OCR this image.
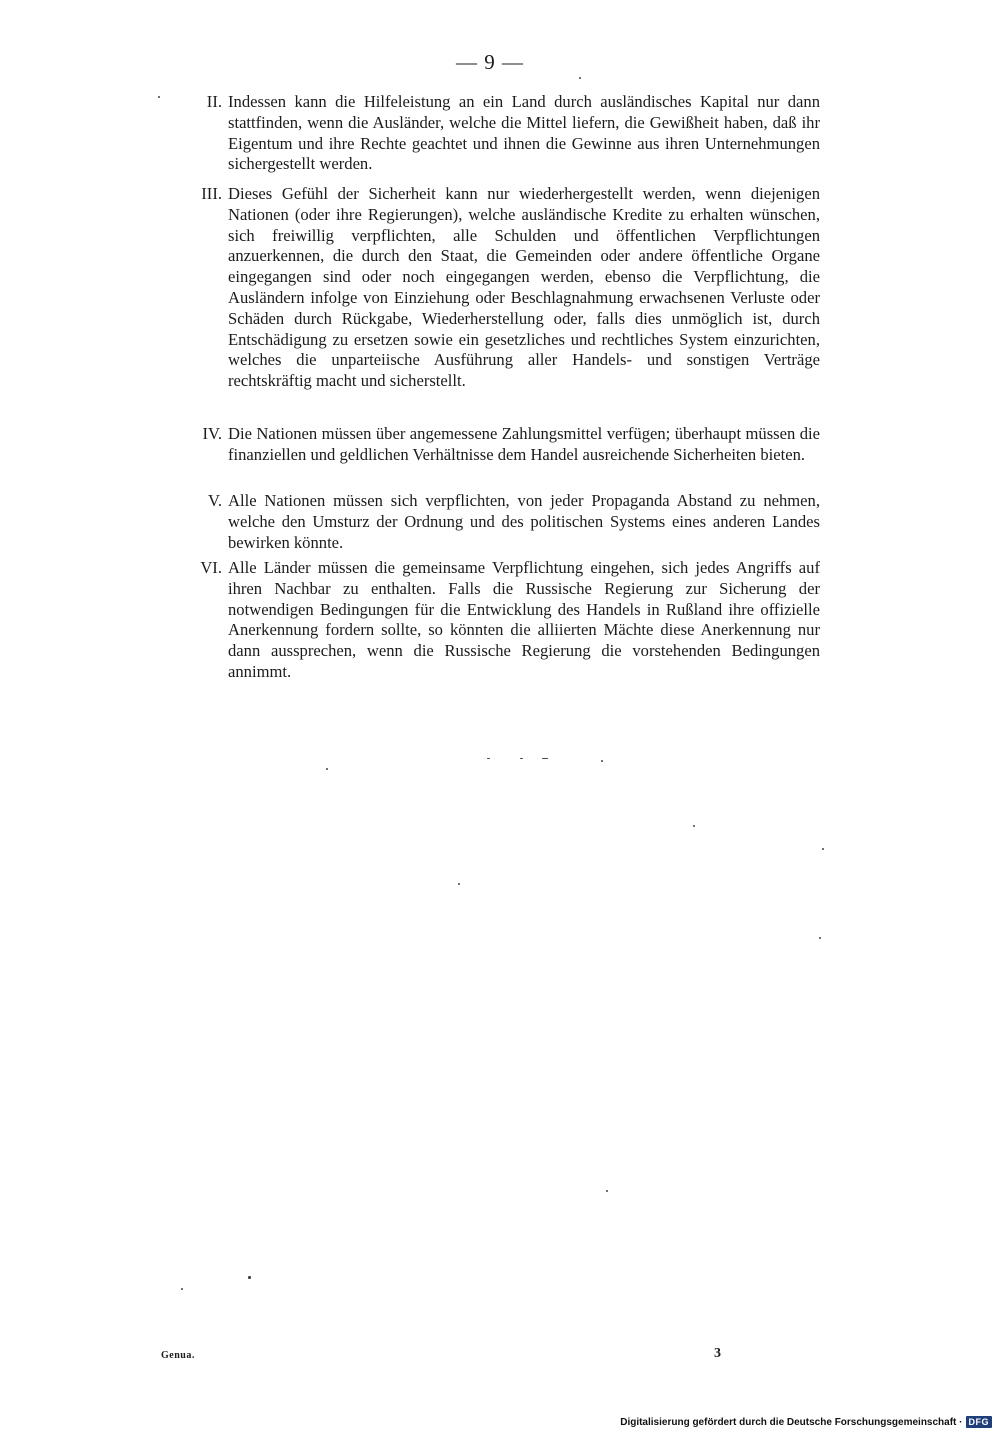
— 9 —
II. Indessen kann die Hilfeleistung an ein Land durch ausländisches Kapital nur dann stattfinden, wenn die Ausländer, welche die Mittel liefern, die Gewißheit haben, daß ihr Eigentum und ihre Rechte geachtet und ihnen die Gewinne aus ihren Unternehmungen sichergestellt werden.
III. Dieses Gefühl der Sicherheit kann nur wiederhergestellt werden, wenn diejenigen Nationen (oder ihre Regierungen), welche ausländische Kredite zu erhalten wünschen, sich freiwillig verpflichten, alle Schulden und öffentlichen Verpflichtungen anzuerkennen, die durch den Staat, die Gemeinden oder andere öffentliche Organe eingegangen sind oder noch eingegangen werden, ebenso die Verpflichtung, die Ausländern infolge von Einziehung oder Beschlagnahmung erwachsenen Verluste oder Schäden durch Rückgabe, Wiederherstellung oder, falls dies unmöglich ist, durch Entschädigung zu ersetzen sowie ein gesetzliches und rechtliches System einzurichten, welches die unparteiische Ausführung aller Handels- und sonstigen Verträge rechtskräftig macht und sicherstellt.
IV. Die Nationen müssen über angemessene Zahlungsmittel verfügen; überhaupt müssen die finanziellen und geldlichen Verhältnisse dem Handel ausreichende Sicherheiten bieten.
V. Alle Nationen müssen sich verpflichten, von jeder Propaganda Abstand zu nehmen, welche den Umsturz der Ordnung und des politischen Systems eines anderen Landes bewirken könnte.
VI. Alle Länder müssen die gemeinsame Verpflichtung eingehen, sich jedes Angriffs auf ihren Nachbar zu enthalten. Falls die Russische Regierung zur Sicherung der notwendigen Bedingungen für die Entwicklung des Handels in Rußland ihre offizielle Anerkennung fordern sollte, so könnten die alliierten Mächte diese Anerkennung nur dann aussprechen, wenn die Russische Regierung die vorstehenden Bedingungen annimmt.
Genua.	3
Digitalisierung gefördert durch die Deutsche Forschungsgemeinschaft · DFG
